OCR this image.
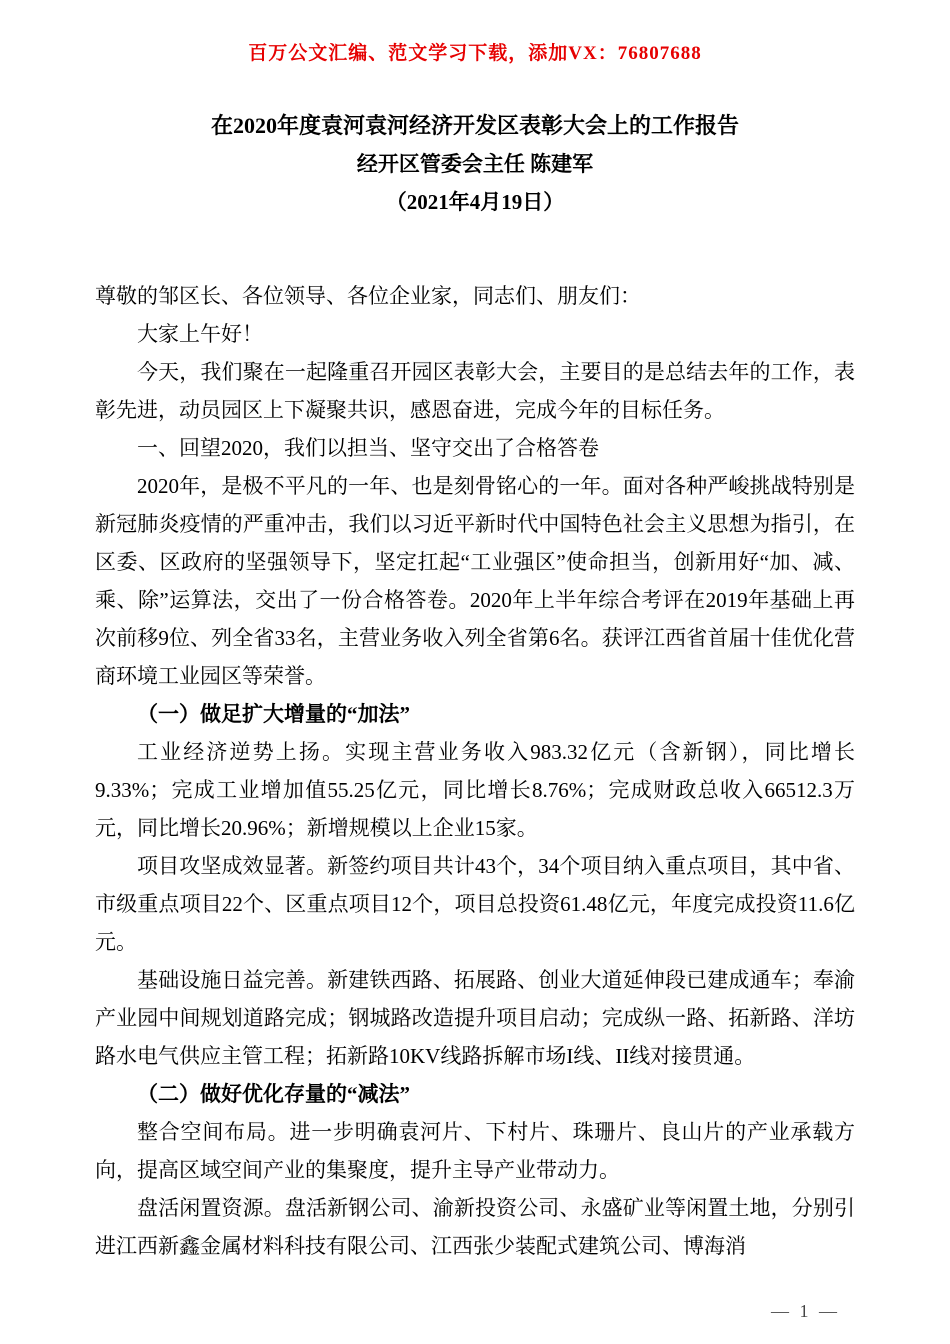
百万公文汇编、范文学习下载，添加VX：76807688

在2020年度袁河袁河经济开发区表彰大会上的工作报告

经开区管委会主任 陈建军

（2021年4月19日）

尊敬的邹区长、各位领导、各位企业家，同志们、朋友们：

大家上午好！

今天，我们聚在一起隆重召开园区表彰大会，主要目的是总结去年的工作，表彰先进，动员园区上下凝聚共识，感恩奋进，完成今年的目标任务。

一、回望2020，我们以担当、坚守交出了合格答卷

2020年，是极不平凡的一年、也是刻骨铭心的一年。面对各种严峻挑战特别是新冠肺炎疫情的严重冲击，我们以习近平新时代中国特色社会主义思想为指引，在区委、区政府的坚强领导下，坚定扛起“工业强区”使命担当，创新用好“加、减、乘、除”运算法，交出了一份合格答卷。2020年上半年综合考评在2019年基础上再次前移9位、列全省33名，主营业务收入列全省第6名。获评江西省首届十佳优化营商环境工业园区等荣誉。

（一）做足扩大增量的“加法”

工业经济逆势上扬。实现主营业务收入983.32亿元（含新钢），同比增长9.33%；完成工业增加值55.25亿元，同比增长8.76%；完成财政总收入66512.3万元，同比增长20.96%；新增规模以上企业15家。

项目攻坚成效显著。新签约项目共计43个，34个项目纳入重点项目，其中省、市级重点项目22个、区重点项目12个，项目总投资61.48亿元，年度完成投资11.6亿元。

基础设施日益完善。新建铁西路、拓展路、创业大道延伸段已建成通车；奉渝产业园中间规划道路完成；钢城路改造提升项目启动；完成纵一路、拓新路、洋坊路水电气供应主管工程；拓新路10KV线路拆解市场I线、II线对接贯通。

（二）做好优化存量的“减法”

整合空间布局。进一步明确袁河片、下村片、珠珊片、良山片的产业承载方向，提高区域空间产业的集聚度，提升主导产业带动力。

盘活闲置资源。盘活新钢公司、渝新投资公司、永盛矿业等闲置土地，分别引进江西新鑫金属材料科技有限公司、江西张少装配式建筑公司、博海消

— 1 —
